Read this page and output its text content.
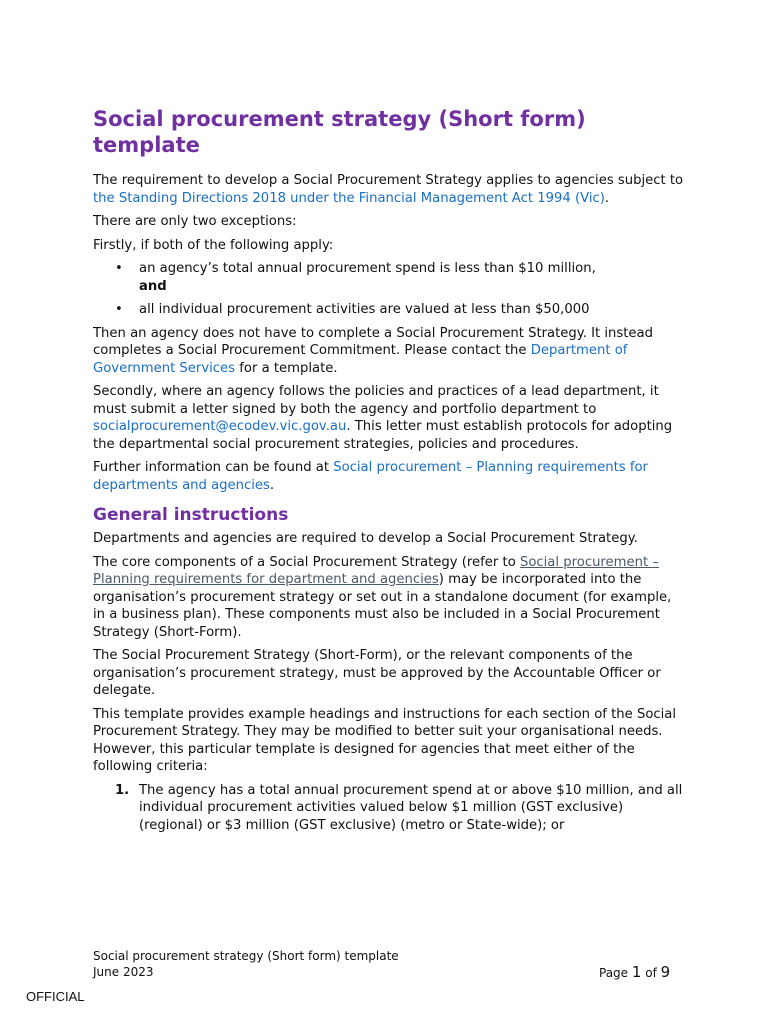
Social procurement strategy (Short form) template

The requirement to develop a Social Procurement Strategy applies to agencies subject to the Standing Directions 2018 under the Financial Management Act 1994 (Vic).

There are only two exceptions:

Firstly, if both of the following apply:

• an agency’s total annual procurement spend is less than $10 million,
and
• all individual procurement activities are valued at less than $50,000

Then an agency does not have to complete a Social Procurement Strategy. It instead completes a Social Procurement Commitment. Please contact the Department of Government Services for a template.

Secondly, where an agency follows the policies and practices of a lead department, it must submit a letter signed by both the agency and portfolio department to socialprocurement@ecodev.vic.gov.au. This letter must establish protocols for adopting the departmental social procurement strategies, policies and procedures.

Further information can be found at Social procurement – Planning requirements for departments and agencies.

General instructions

Departments and agencies are required to develop a Social Procurement Strategy.

The core components of a Social Procurement Strategy (refer to Social procurement – Planning requirements for department and agencies) may be incorporated into the organisation’s procurement strategy or set out in a standalone document (for example, in a business plan). These components must also be included in a Social Procurement Strategy (Short-Form).

The Social Procurement Strategy (Short-Form), or the relevant components of the organisation’s procurement strategy, must be approved by the Accountable Officer or delegate.

This template provides example headings and instructions for each section of the Social Procurement Strategy. They may be modified to better suit your organisational needs. However, this particular template is designed for agencies that meet either of the following criteria:

1. The agency has a total annual procurement spend at or above $10 million, and all individual procurement activities valued below $1 million (GST exclusive) (regional) or $3 million (GST exclusive) (metro or State-wide); or
Social procurement strategy (Short form) template
June 2023	Page 1 of 9
OFFICIAL
